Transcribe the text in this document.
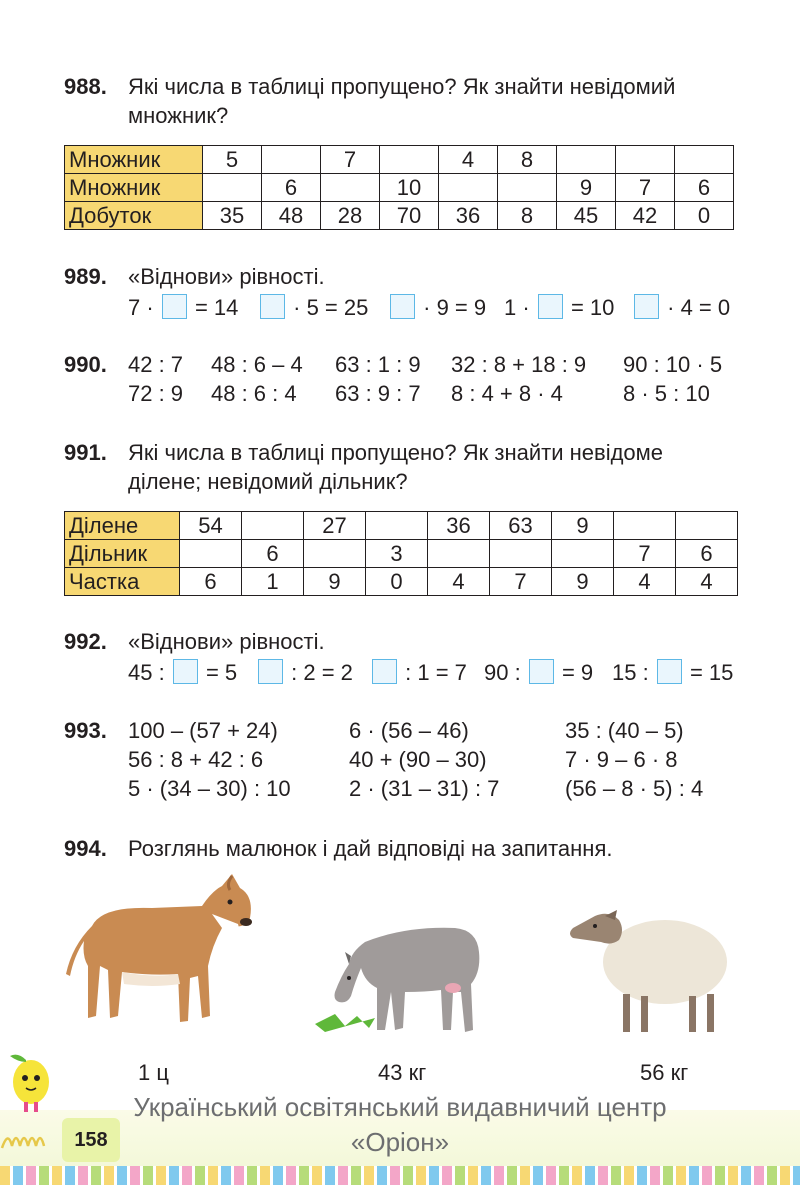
988. Які числа в таблиці пропущено? Як знайти невідомий
множник?
Множник	5		7		4	8			
Множник		6		10			9	7	6
Добуток	35	48	28	70	36	8	45	42	0
989. «Віднови» рівності.
7 · = 14	· 5 = 25	· 9 = 9 1 · = 10	· 4 = 0
990. 42 : 7	48 : 6 – 4	63 : 1 : 9	32 : 8 + 18 : 9	90 : 10 · 5
72 : 9	48 : 6 : 4	63 : 9 : 7	8 : 4 + 8 · 4	8 · 5 : 10
991. Які числа в таблиці пропущено? Як знайти невідоме
ділене; невідомий дільник?
Ділене	54		27		36	63	9		
Дільник		6		3				7	6
Частка	6	1	9	0	4	7	9	4	4
992. «Віднови» рівності.
45 : = 5	: 2 = 2	: 1 = 7 90 : = 9 15 : = 15
993. 100 – (57 + 24)	6 · (56 – 46)	35 : (40 – 5)
56 : 8 + 42 : 6	40 + (90 – 30)	7 · 9 – 6 · 8
5 · (34 – 30) : 10	2 · (31 – 31) : 7	(56 – 8 · 5) : 4
994. Розглянь малюнок і дай відповіді на запитання.
1 ц	43 кг	56 кг
158
Український освітянський видавничий центр
«Оріон»
